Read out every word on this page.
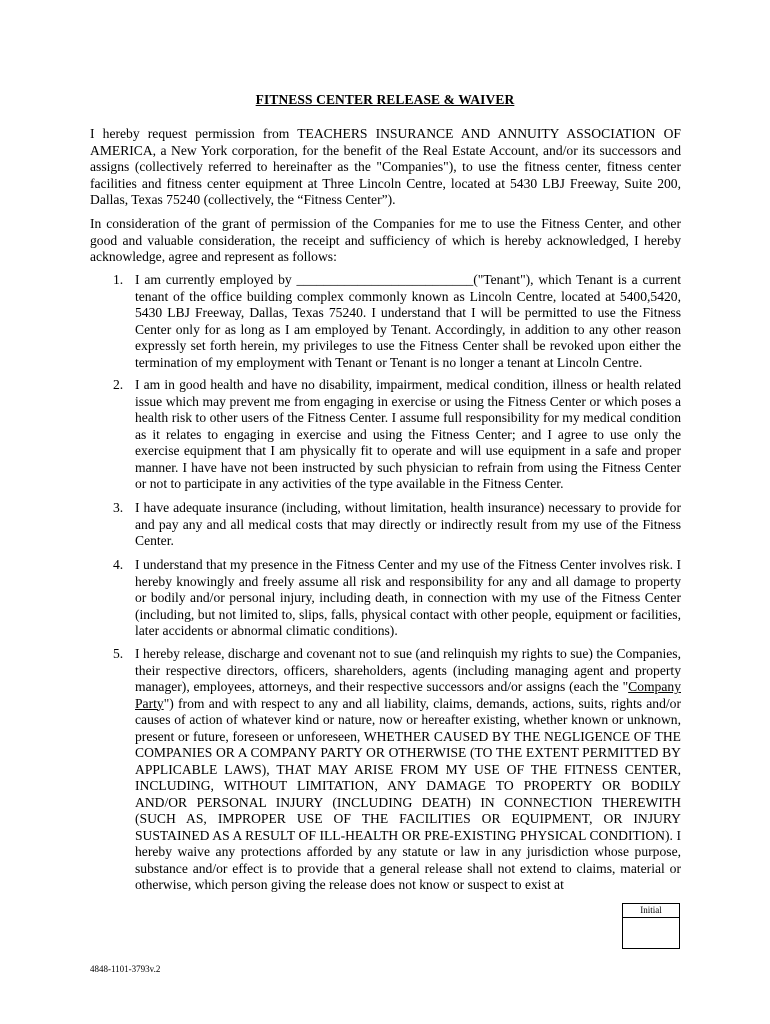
FITNESS CENTER RELEASE & WAIVER

I hereby request permission from TEACHERS INSURANCE AND ANNUITY ASSOCIATION OF AMERICA, a New York corporation, for the benefit of the Real Estate Account, and/or its successors and assigns (collectively referred to hereinafter as the "Companies"), to use the fitness center, fitness center facilities and fitness center equipment at Three Lincoln Centre, located at 5430 LBJ Freeway, Suite 200, Dallas, Texas 75240 (collectively, the “Fitness Center”).

In consideration of the grant of permission of the Companies for me to use the Fitness Center, and other good and valuable consideration, the receipt and sufficiency of which is hereby acknowledged, I hereby acknowledge, agree and represent as follows:

1. I am currently employed by __________________________("Tenant"), which Tenant is a current tenant of the office building complex commonly known as Lincoln Centre, located at 5400,5420, 5430 LBJ Freeway, Dallas, Texas 75240. I understand that I will be permitted to use the Fitness Center only for as long as I am employed by Tenant. Accordingly, in addition to any other reason expressly set forth herein, my privileges to use the Fitness Center shall be revoked upon either the termination of my employment with Tenant or Tenant is no longer a tenant at Lincoln Centre.
2. I am in good health and have no disability, impairment, medical condition, illness or health related issue which may prevent me from engaging in exercise or using the Fitness Center or which poses a health risk to other users of the Fitness Center. I assume full responsibility for my medical condition as it relates to engaging in exercise and using the Fitness Center; and I agree to use only the exercise equipment that I am physically fit to operate and will use equipment in a safe and proper manner. I have have not been instructed by such physician to refrain from using the Fitness Center or not to participate in any activities of the type available in the Fitness Center.
3. I have adequate insurance (including, without limitation, health insurance) necessary to provide for and pay any and all medical costs that may directly or indirectly result from my use of the Fitness Center.
4. I understand that my presence in the Fitness Center and my use of the Fitness Center involves risk. I hereby knowingly and freely assume all risk and responsibility for any and all damage to property or bodily and/or personal injury, including death, in connection with my use of the Fitness Center (including, but not limited to, slips, falls, physical contact with other people, equipment or facilities, later accidents or abnormal climatic conditions).
5. I hereby release, discharge and covenant not to sue (and relinquish my rights to sue) the Companies, their respective directors, officers, shareholders, agents (including managing agent and property manager), employees, attorneys, and their respective successors and/or assigns (each the "Company Party") from and with respect to any and all liability, claims, demands, actions, suits, rights and/or causes of action of whatever kind or nature, now or hereafter existing, whether known or unknown, present or future, foreseen or unforeseen, WHETHER CAUSED BY THE NEGLIGENCE OF THE COMPANIES OR A COMPANY PARTY OR OTHERWISE (TO THE EXTENT PERMITTED BY APPLICABLE LAWS), THAT MAY ARISE FROM MY USE OF THE FITNESS CENTER, INCLUDING, WITHOUT LIMITATION, ANY DAMAGE TO PROPERTY OR BODILY AND/OR PERSONAL INJURY (INCLUDING DEATH) IN CONNECTION THEREWITH (SUCH AS, IMPROPER USE OF THE FACILITIES OR EQUIPMENT, OR INJURY SUSTAINED AS A RESULT OF ILL-HEALTH OR PRE-EXISTING PHYSICAL CONDITION). I hereby waive any protections afforded by any statute or law in any jurisdiction whose purpose, substance and/or effect is to provide that a general release shall not extend to claims, material or otherwise, which person giving the release does not know or suspect to exist at
Initial
4848-1101-3793v.2
